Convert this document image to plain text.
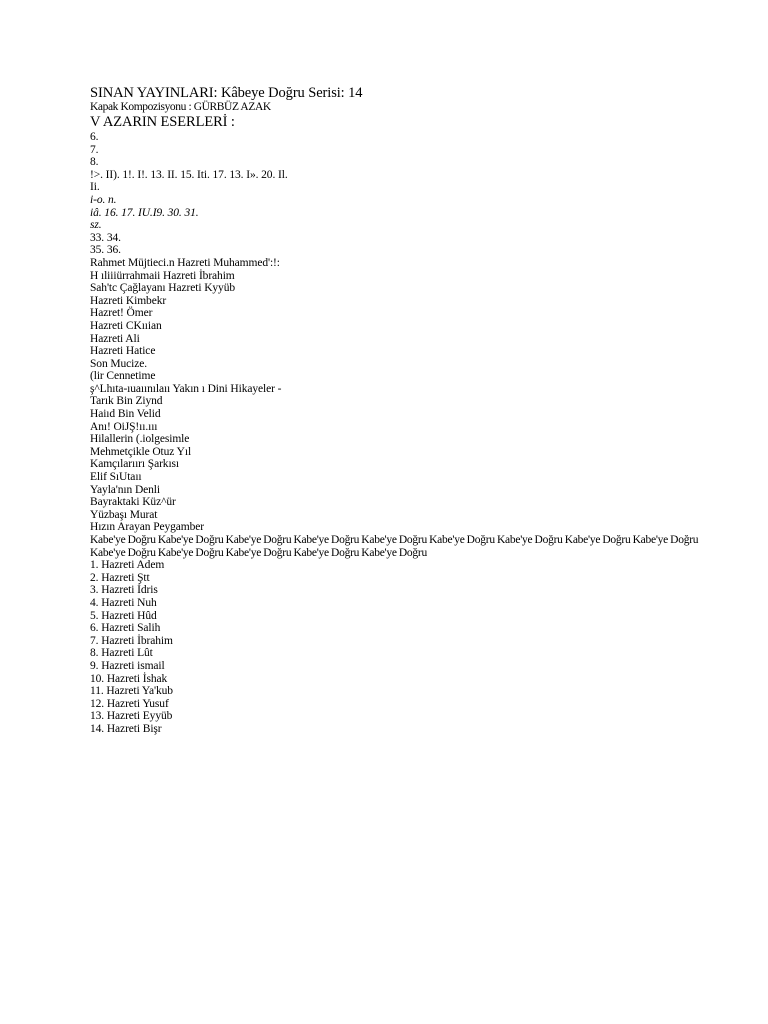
SINAN YAYINLARI: Kâbeye Doğru Serisi: 14
Kapak Kompozisyonu : GÜRBÜZ AZAK
V AZARIN ESERLERİ :
6.
7.
8.
!>. II). 1!. I!. 13. II. 15. Iti. 17. 13. I». 20. Il.
Ii.
i-o. n.
iâ. 16. 17. IU.I9. 30. 31.
sz.
33. 34.
35. 36.
Rahmet Müjtieci.n Hazreti Muhammed':!:
H ıliiiürrahmaii Hazreti İbrahim
Sah'tc Çağlayanı Hazreti Kyyüb
Hazreti Kimbekr
Hazret! Ömer
Hazreti CKııian
Hazreti Ali
Hazreti Hatice
Son Mucize.
(lir Cennetime
ş^Lhıta-ıuaıınılaıı Yakın ı Dini Hikayeler -
Tarık Bin Ziynd
Haiıd Bin Velid
Anı! OiJŞ!ıı.ııı
Hilallerin (.iolgesimle
Mehmetçikle Otuz Yıl
Kamçılarıırı Şarkısı
Elif SıUtaıı
Yayla'nın Denli
Bayraktaki Küz^ür
Yüzbaşı Murat
Hızın Arayan Peygamber
Kabe'ye Doğru Kabe'ye Doğru Kabe'ye Doğru Kabe'ye Doğru Kabe'ye Doğru Kabe'ye Doğru Kabe'ye Doğru Kabe'ye Doğru Kabe'ye Doğru Kabe'ye Doğru Kabe'ye Doğru Kabe'ye Doğru Kabe'ye Doğru Kabe'ye Doğru
1. Hazreti Adem
2. Hazreti Ştt
3. Hazreti İdris
4. Hazreti Nuh
5. Hazreti Hûd
6. Hazreti Salih
7. Hazreti İbrahim
8. Hazreti Lût
9. Hazreti ismail
10. Hazreti İshak
11. Hazreti Ya'kub
12. Hazreti Yusuf
13. Hazreti Eyyüb
14. Hazreti Bişr
